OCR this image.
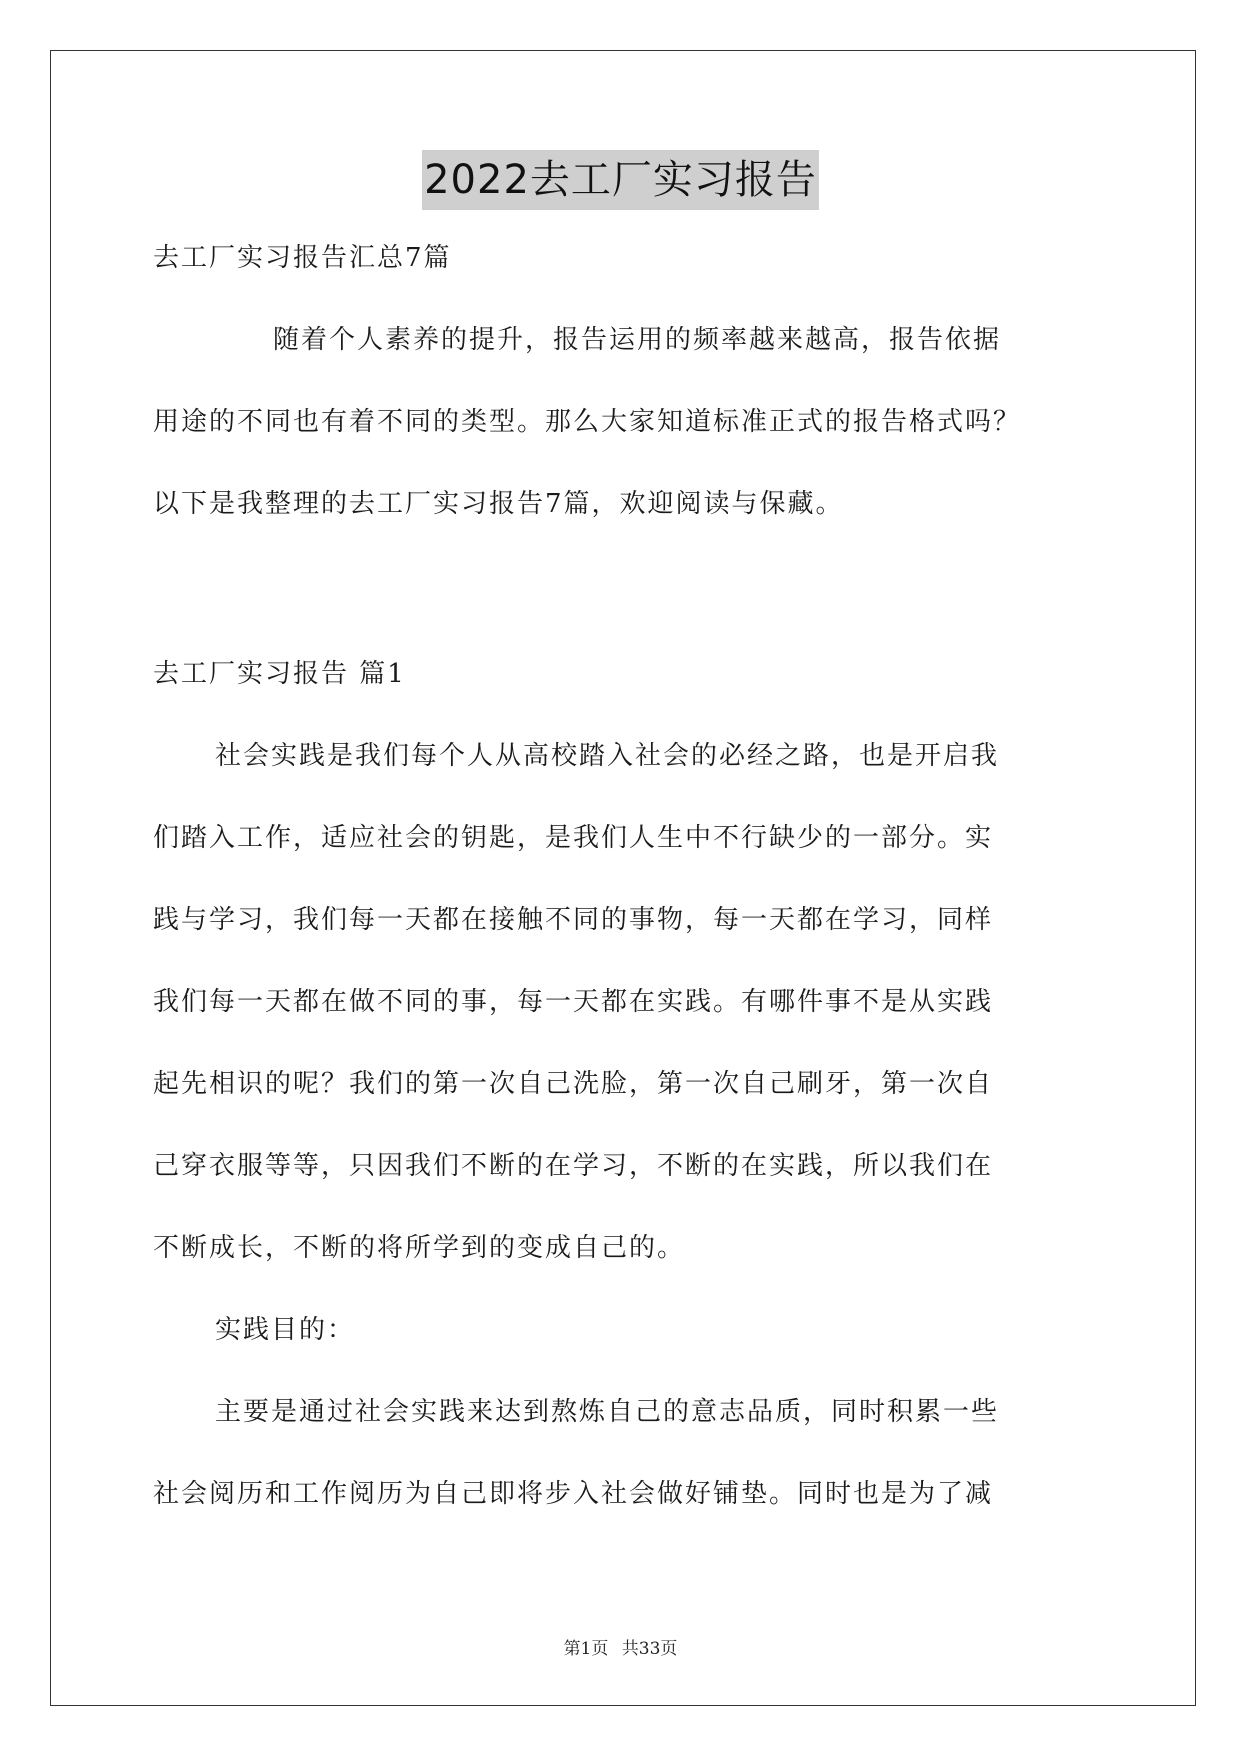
2022去工厂实习报告
去工厂实习报告汇总7篇
随着个人素养的提升，报告运用的频率越来越高，报告依据
用途的不同也有着不同的类型。那么大家知道标准正式的报告格式吗？
以下是我整理的去工厂实习报告7篇，欢迎阅读与保藏。
去工厂实习报告 篇1
社会实践是我们每个人从高校踏入社会的必经之路，也是开启我
们踏入工作，适应社会的钥匙，是我们人生中不行缺少的一部分。实
践与学习，我们每一天都在接触不同的事物，每一天都在学习，同样
我们每一天都在做不同的事，每一天都在实践。有哪件事不是从实践
起先相识的呢？我们的第一次自己洗脸，第一次自己刷牙，第一次自
己穿衣服等等，只因我们不断的在学习，不断的在实践，所以我们在
不断成长，不断的将所学到的变成自己的。
实践目的：
主要是通过社会实践来达到熬炼自己的意志品质，同时积累一些
社会阅历和工作阅历为自己即将步入社会做好铺垫。同时也是为了减
第1页 共33页
